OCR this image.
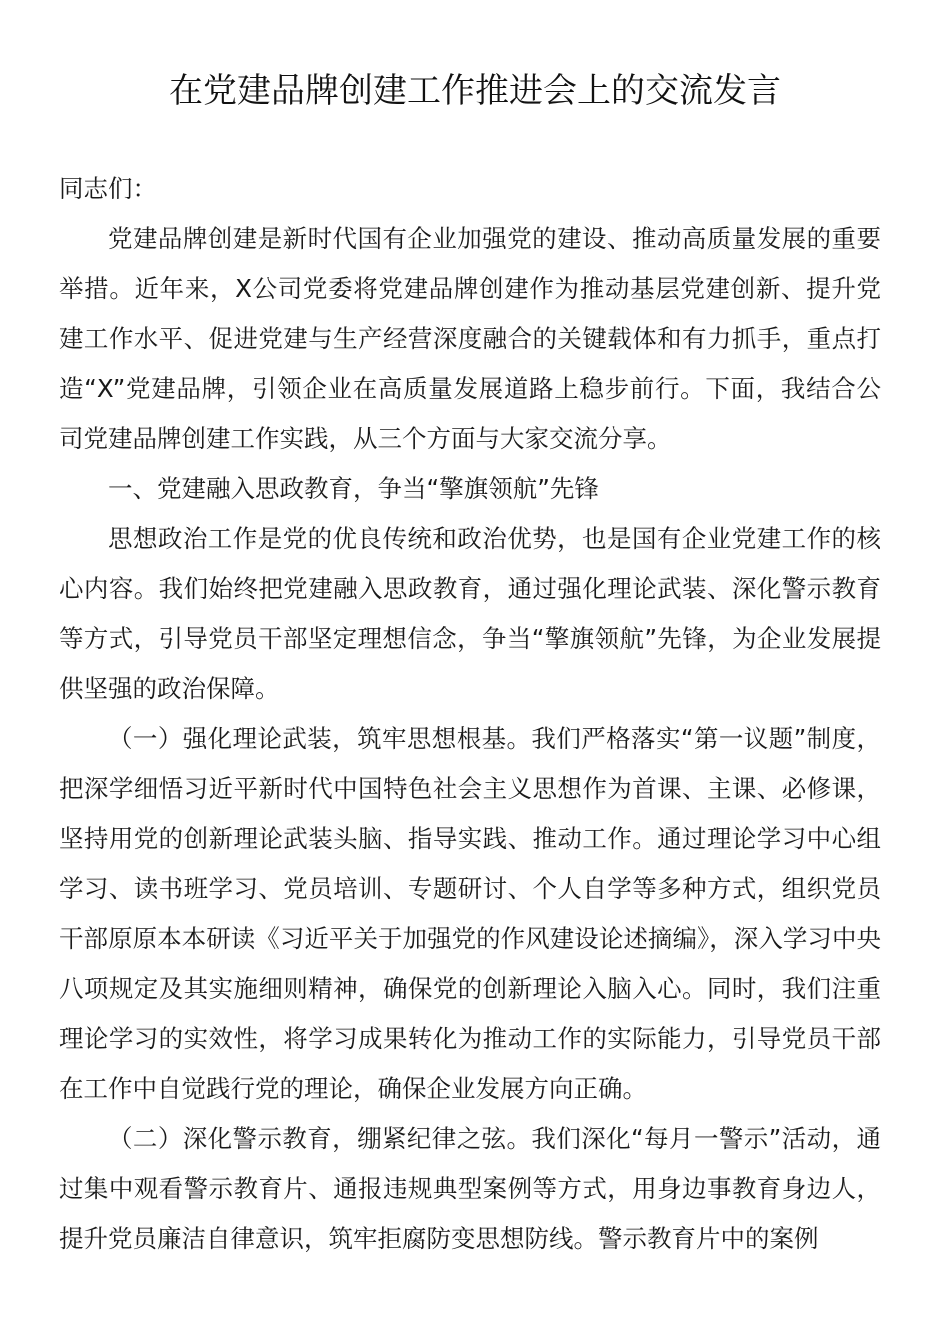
在党建品牌创建工作推进会上的交流发言

同志们：

党建品牌创建是新时代国有企业加强党的建设、推动高质量发展的重要举措。近年来，X公司党委将党建品牌创建作为推动基层党建创新、提升党建工作水平、促进党建与生产经营深度融合的关键载体和有力抓手，重点打造“X”党建品牌，引领企业在高质量发展道路上稳步前行。下面，我结合公司党建品牌创建工作实践，从三个方面与大家交流分享。

一、党建融入思政教育，争当“擎旗领航”先锋

思想政治工作是党的优良传统和政治优势，也是国有企业党建工作的核心内容。我们始终把党建融入思政教育，通过强化理论武装、深化警示教育等方式，引导党员干部坚定理想信念，争当“擎旗领航”先锋，为企业发展提供坚强的政治保障。

（一）强化理论武装，筑牢思想根基。我们严格落实“第一议题”制度，把深学细悟习近平新时代中国特色社会主义思想作为首课、主课、必修课，坚持用党的创新理论武装头脑、指导实践、推动工作。通过理论学习中心组学习、读书班学习、党员培训、专题研讨、个人自学等多种方式，组织党员干部原原本本研读《习近平关于加强党的作风建设论述摘编》，深入学习中央八项规定及其实施细则精神，确保党的创新理论入脑入心。同时，我们注重理论学习的实效性，将学习成果转化为推动工作的实际能力，引导党员干部在工作中自觉践行党的理论，确保企业发展方向正确。

（二）深化警示教育，绷紧纪律之弦。我们深化“每月一警示”活动，通过集中观看警示教育片、通报违规典型案例等方式，用身边事教育身边人，提升党员廉洁自律意识，筑牢拒腐防变思想防线。警示教育片中的案例
